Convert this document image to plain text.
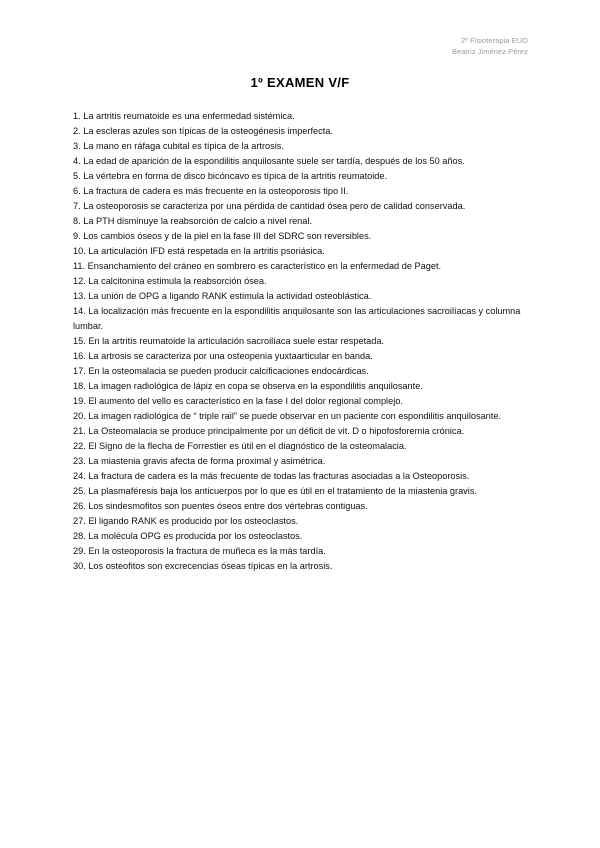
2º Fisioterapia EUO
Beatriz Jiménez Pérez
1º EXAMEN V/F
1. La artritis reumatoide es una enfermedad sistémica.
2. La escleras azules son típicas de la osteogénesis imperfecta.
3. La mano en ráfaga cubital es típica de la artrosis.
4. La edad de aparición de la espondilitis anquilosante suele ser tardía, después de los 50 años.
5. La vértebra en forma de disco bicóncavo es típica de la artritis reumatoide.
6. La fractura de cadera es más frecuente en la osteoporosis tipo II.
7. La osteoporosis se caracteriza por una pérdida de cantidad ósea pero de calidad conservada.
8. La PTH disminuye la reabsorción de calcio a nivel renal.
9. Los cambios óseos y de la piel en la fase III del SDRC son reversibles.
10. La articulación IFD está respetada en la artritis psoriásica.
11. Ensanchamiento del cráneo en sombrero es característico en la enfermedad de Paget.
12. La calcitonina estimula la reabsorción ósea.
13. La unión de OPG a ligando RANK estimula la actividad osteoblástica.
14. La localización más frecuente en la espondilitis anquilosante son las articulaciones sacroilíacas y columna lumbar.
15. En la artritis reumatoide la articulación sacroilíaca suele estar respetada.
16. La artrosis se caracteriza por una osteopenia yuxtaarticular en banda.
17. En la osteomalacia se pueden producir calcificaciones endocárdicas.
18. La imagen radiológica de lápiz en copa se observa en la espondilitis anquilosante.
19. El aumento del vello es característico en la fase I del dolor regional complejo.
20. La imagen radiológica de “ triple rail” se puede observar en un paciente con espondilitis anquilosante.
21. La Osteomalacia se produce principalmente por un déficit de vit. D o hipofosforemia crónica.
22. El Signo de la flecha de Forrestier es útil en el diagnóstico de la osteomalacia.
23. La miastenia gravis afecta de forma proximal y asimétrica.
24. La fractura de cadera es la más frecuente de todas las fracturas asociadas a la Osteoporosis.
25. La plasmaféresis baja los anticuerpos por lo que es útil en el tratamiento de la miastenia gravis.
26. Los sindesmofitos son puentes óseos entre dos vértebras contiguas.
27. El ligando RANK es producido por los osteoclastos.
28. La molécula OPG es producida por los osteoclastos.
29. En la osteoporosis la fractura de muñeca es la más tardía.
30. Los osteofitos son excrecencias óseas típicas en la artrosis.
